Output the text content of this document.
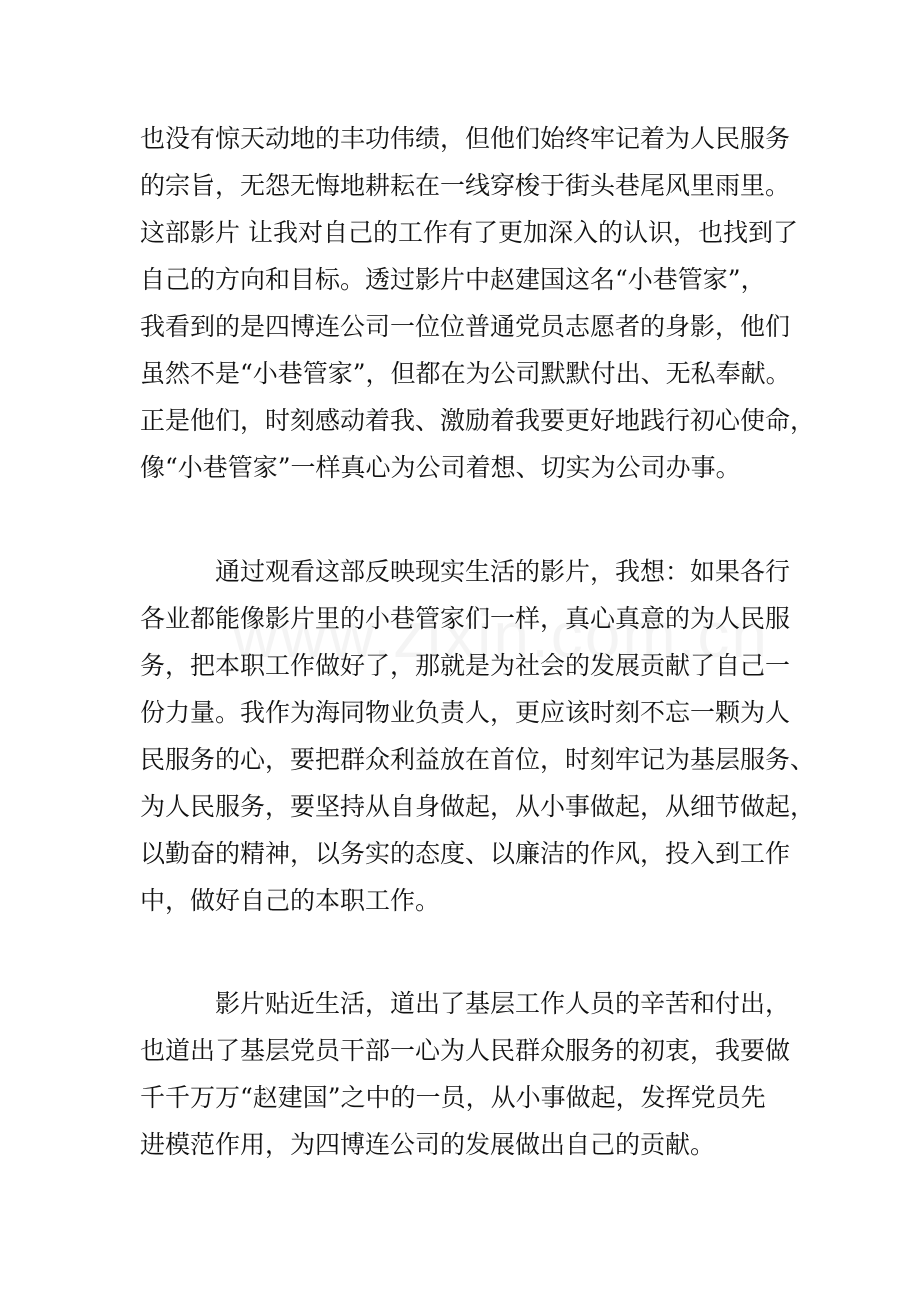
也没有惊天动地的丰功伟绩，但他们始终牢记着为人民服务
的宗旨，无怨无悔地耕耘在一线穿梭于街头巷尾风里雨里。
这部影片 让我对自己的工作有了更加深入的认识，也找到了
自己的方向和目标。透过影片中赵建国这名“小巷管家”，
我看到的是四博连公司一位位普通党员志愿者的身影，他们
虽然不是“小巷管家”，但都在为公司默默付出、无私奉献。
正是他们，时刻感动着我、激励着我要更好地践行初心使命，
像“小巷管家”一样真心为公司着想、切实为公司办事。
　　　通过观看这部反映现实生活的影片，我想：如果各行
各业都能像影片里的小巷管家们一样，真心真意的为人民服
务，把本职工作做好了，那就是为社会的发展贡献了自己一
份力量。我作为海同物业负责人，更应该时刻不忘一颗为人
民服务的心，要把群众利益放在首位，时刻牢记为基层服务、
为人民服务，要坚持从自身做起，从小事做起，从细节做起，
以勤奋的精神，以务实的态度、以廉洁的作风，投入到工作
中，做好自己的本职工作。
　　　影片贴近生活，道出了基层工作人员的辛苦和付出，
也道出了基层党员干部一心为人民群众服务的初衷，我要做
千千万万“赵建国”之中的一员，从小事做起，发挥党员先
进模范作用，为四博连公司的发展做出自己的贡献。
